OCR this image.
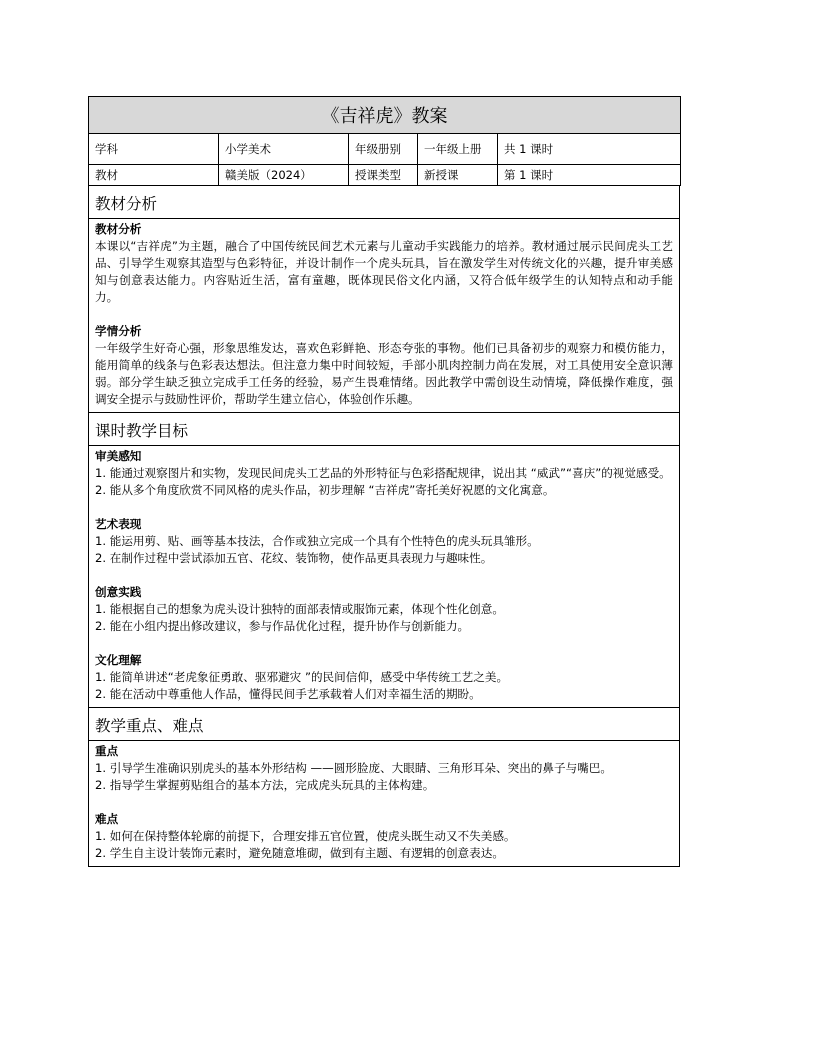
《吉祥虎》教案				
学科	小学美术	年级册别	一年级上册	共 1 课时
教材	赣美版（2024）	授课类型	新授课	第 1 课时
教材分析
教材分析
本课以“吉祥虎”为主题，融合了中国传统民间艺术元素与儿童动手实践能力的培养。教材通过展示民间虎头工艺品、引导学生观察其造型与色彩特征，并设计制作一个虎头玩具，旨在激发学生对传统文化的兴趣，提升审美感知与创意表达能力。内容贴近生活，富有童趣，既体现民俗文化内涵，又符合低年级学生的认知特点和动手能力。
学情分析
一年级学生好奇心强，形象思维发达，喜欢色彩鲜艳、形态夸张的事物。他们已具备初步的观察力和模仿能力，能用简单的线条与色彩表达想法。但注意力集中时间较短，手部小肌肉控制力尚在发展，对工具使用安全意识薄弱。部分学生缺乏独立完成手工任务的经验，易产生畏难情绪。因此教学中需创设生动情境，降低操作难度，强调安全提示与鼓励性评价，帮助学生建立信心，体验创作乐趣。
课时教学目标
审美感知
1. 能通过观察图片和实物，发现民间虎头工艺品的外形特征与色彩搭配规律，说出其 “威武”“喜庆”的视觉感受。
2. 能从多个角度欣赏不同风格的虎头作品，初步理解 “吉祥虎”寄托美好祝愿的文化寓意。
艺术表现
1. 能运用剪、贴、画等基本技法，合作或独立完成一个具有个性特色的虎头玩具雏形。
2. 在制作过程中尝试添加五官、花纹、装饰物，使作品更具表现力与趣味性。
创意实践
1. 能根据自己的想象为虎头设计独特的面部表情或服饰元素，体现个性化创意。
2. 能在小组内提出修改建议，参与作品优化过程，提升协作与创新能力。
文化理解
1. 能简单讲述“老虎象征勇敢、驱邪避灾 ”的民间信仰，感受中华传统工艺之美。
2. 能在活动中尊重他人作品，懂得民间手艺承载着人们对幸福生活的期盼。
教学重点、难点
重点
1. 引导学生准确识别虎头的基本外形结构 ——圆形脸庞、大眼睛、三角形耳朵、突出的鼻子与嘴巴。
2. 指导学生掌握剪贴组合的基本方法，完成虎头玩具的主体构建。
难点
1. 如何在保持整体轮廓的前提下，合理安排五官位置，使虎头既生动又不失美感。
2. 学生自主设计装饰元素时，避免随意堆砌，做到有主题、有逻辑的创意表达。
